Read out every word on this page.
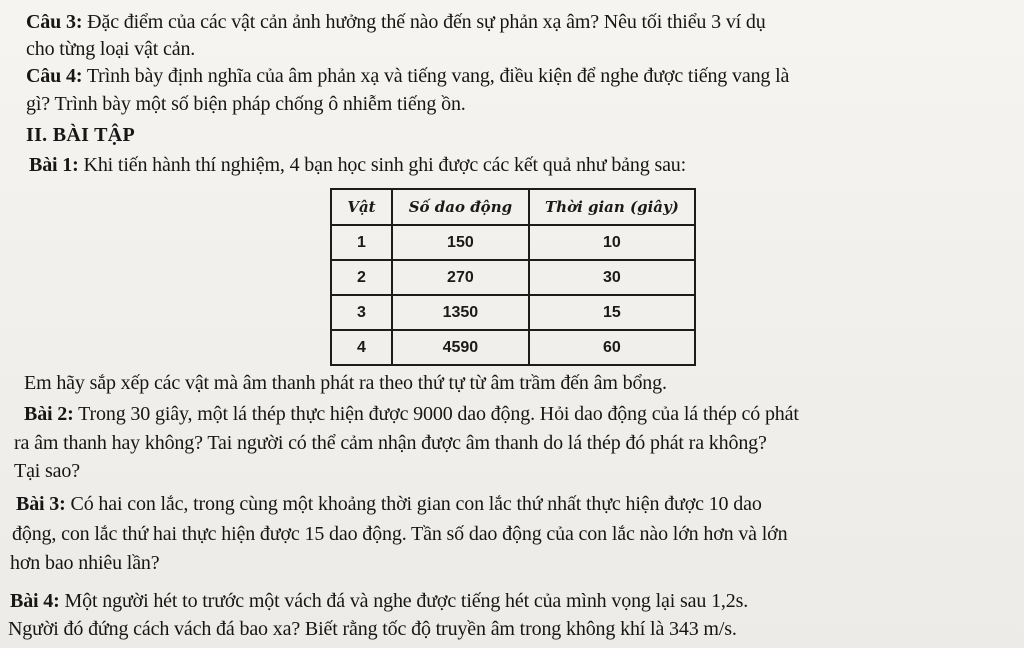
Câu 3: Đặc điểm của các vật cản ảnh hưởng thế nào đến sự phản xạ âm? Nêu tối thiểu 3 ví dụ
cho từng loại vật cản.
Câu 4: Trình bày định nghĩa của âm phản xạ và tiếng vang, điều kiện để nghe được tiếng vang là
gì? Trình bày một số biện pháp chống ô nhiễm tiếng ồn.
II. BÀI TẬP
Bài 1: Khi tiến hành thí nghiệm, 4 bạn học sinh ghi được các kết quả như bảng sau:
Vật	Số dao động	Thời gian (giây)
1	150	10
2	270	30
3	1350	15
4	4590	60
Em hãy sắp xếp các vật mà âm thanh phát ra theo thứ tự từ âm trầm đến âm bổng.
Bài 2: Trong 30 giây, một lá thép thực hiện được 9000 dao động. Hỏi dao động của lá thép có phát
ra âm thanh hay không? Tai người có thể cảm nhận được âm thanh do lá thép đó phát ra không?
Tại sao?
Bài 3: Có hai con lắc, trong cùng một khoảng thời gian con lắc thứ nhất thực hiện được 10 dao
động, con lắc thứ hai thực hiện được 15 dao động. Tần số dao động của con lắc nào lớn hơn và lớn
hơn bao nhiêu lần?
Bài 4: Một người hét to trước một vách đá và nghe được tiếng hét của mình vọng lại sau 1,2s.
Người đó đứng cách vách đá bao xa? Biết rằng tốc độ truyền âm trong không khí là 343 m/s.
